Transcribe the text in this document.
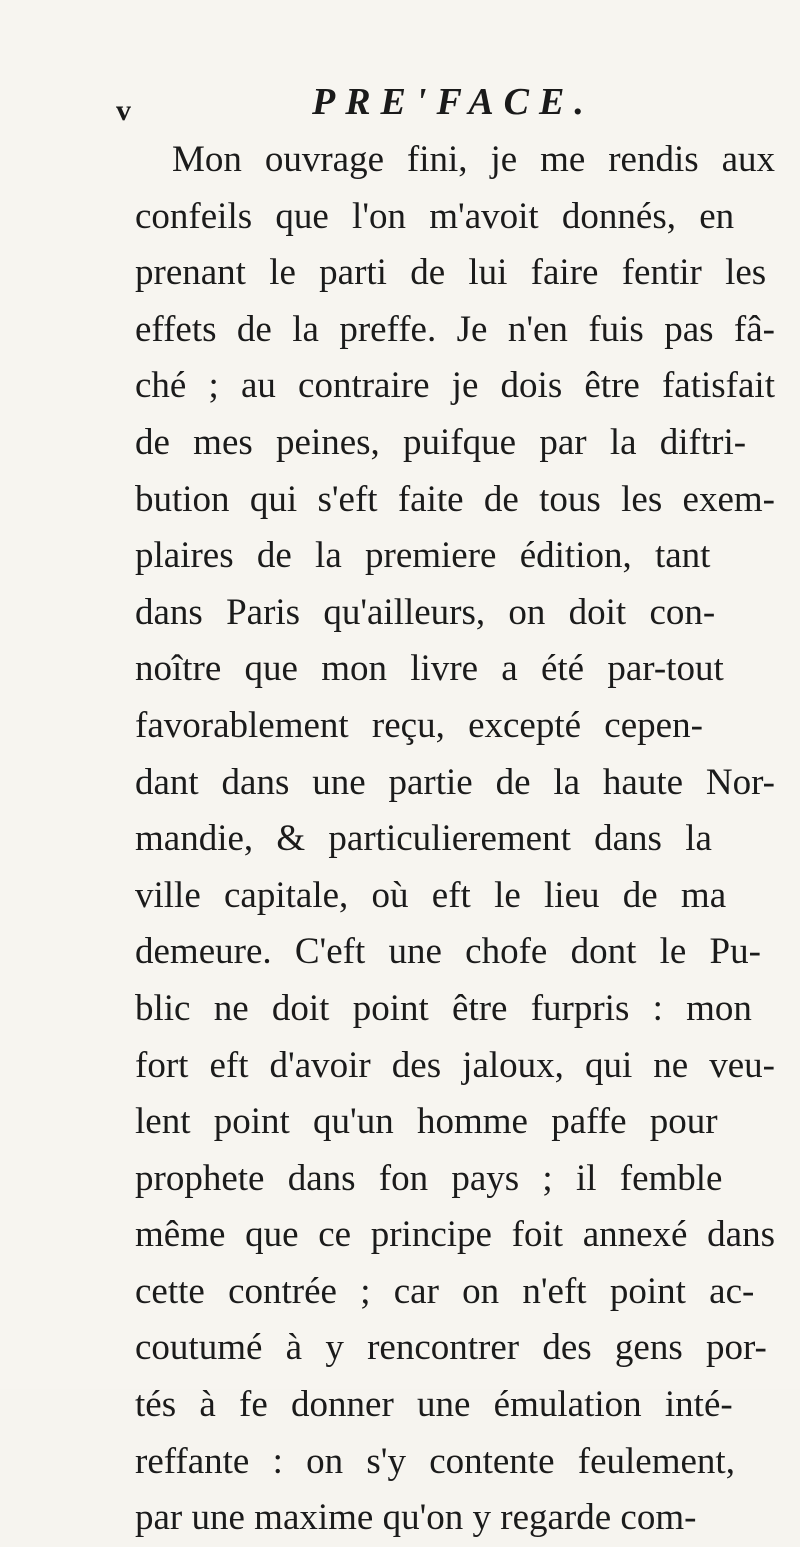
v	PRE'FACE.
Mon ouvrage fini, je me rendis aux
confeils que l'on m'avoit donnés, en
prenant le parti de lui faire fentir les
effets de la preffe. Je n'en fuis pas fâ-
ché ; au contraire je dois être fatisfait
de mes peines, puifque par la diftri-
bution qui s'eft faite de tous les exem-
plaires de la premiere édition, tant
dans Paris qu'ailleurs, on doit con-
noître que mon livre a été par-tout
favorablement reçu, excepté cepen-
dant dans une partie de la haute Nor-
mandie, & particulierement dans la
ville capitale, où eft le lieu de ma
demeure. C'eft une chofe dont le Pu-
blic ne doit point être furpris : mon
fort eft d'avoir des jaloux, qui ne veu-
lent point qu'un homme paffe pour
prophete dans fon pays ; il femble
même que ce principe foit annexé dans
cette contrée ; car on n'eft point ac-
coutumé à y rencontrer des gens por-
tés à fe donner une émulation inté-
reffante : on s'y contente feulement,
par une maxime qu'on y regarde com-
